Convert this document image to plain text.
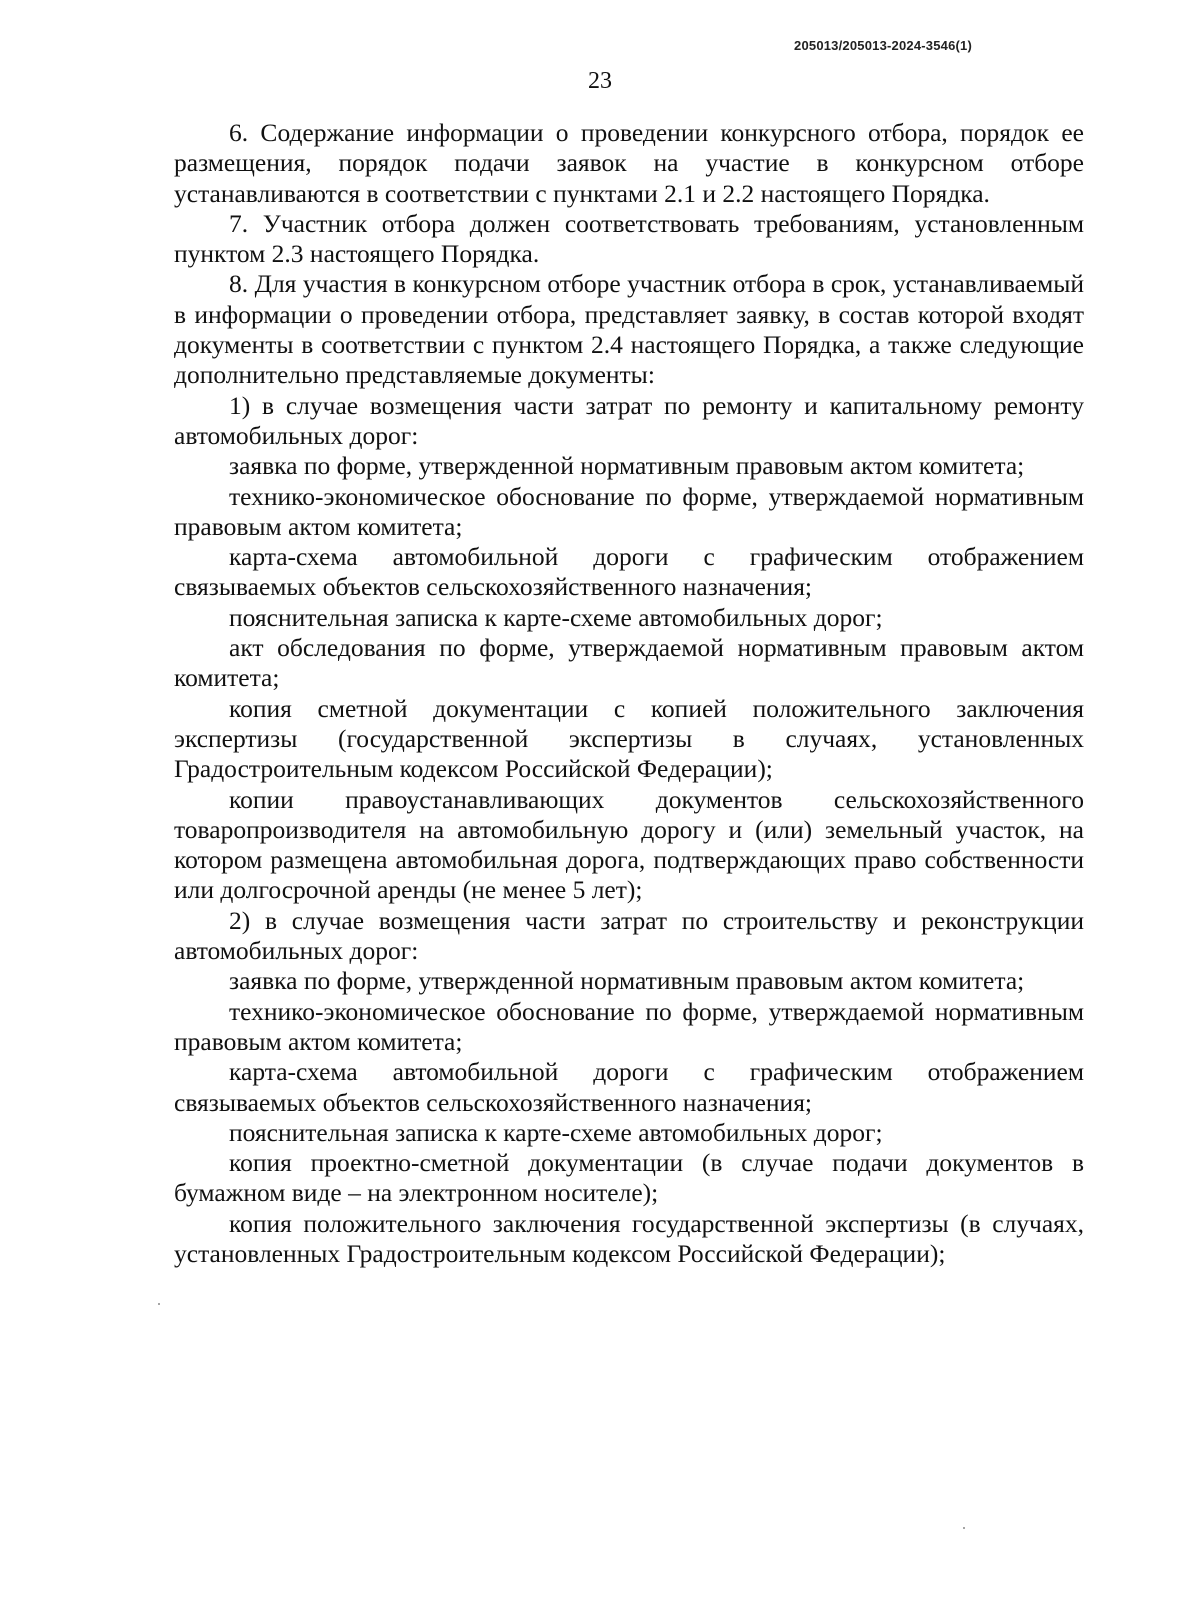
205013/205013-2024-3546(1)
23

6. Содержание информации о проведении конкурсного отбора, порядок ее размещения, порядок подачи заявок на участие в конкурсном отборе устанавливаются в соответствии с пунктами 2.1 и 2.2 настоящего Порядка.

7. Участник отбора должен соответствовать требованиям, установленным пунктом 2.3 настоящего Порядка.

8. Для участия в конкурсном отборе участник отбора в срок, устанавливаемый в информации о проведении отбора, представляет заявку, в состав которой входят документы в соответствии с пунктом 2.4 настоящего Порядка, а также следующие дополнительно представляемые документы:

1) в случае возмещения части затрат по ремонту и капитальному ремонту автомобильных дорог:

заявка по форме, утвержденной нормативным правовым актом комитета;

технико-экономическое обоснование по форме, утверждаемой нормативным правовым актом комитета;

карта-схема автомобильной дороги с графическим отображением связываемых объектов сельскохозяйственного назначения;

пояснительная записка к карте-схеме автомобильных дорог;

акт обследования по форме, утверждаемой нормативным правовым актом комитета;

копия сметной документации с копией положительного заключения экспертизы (государственной экспертизы в случаях, установленных Градостроительным кодексом Российской Федерации);

копии правоустанавливающих документов сельскохозяйственного товаропроизводителя на автомобильную дорогу и (или) земельный участок, на котором размещена автомобильная дорога, подтверждающих право собственности или долгосрочной аренды (не менее 5 лет);

2) в случае возмещения части затрат по строительству и реконструкции автомобильных дорог:

заявка по форме, утвержденной нормативным правовым актом комитета;

технико-экономическое обоснование по форме, утверждаемой нормативным правовым актом комитета;

карта-схема автомобильной дороги с графическим отображением связываемых объектов сельскохозяйственного назначения;

пояснительная записка к карте-схеме автомобильных дорог;

копия проектно-сметной документации (в случае подачи документов в бумажном виде – на электронном носителе);

копия положительного заключения государственной экспертизы (в случаях, установленных Градостроительным кодексом Российской Федерации);
